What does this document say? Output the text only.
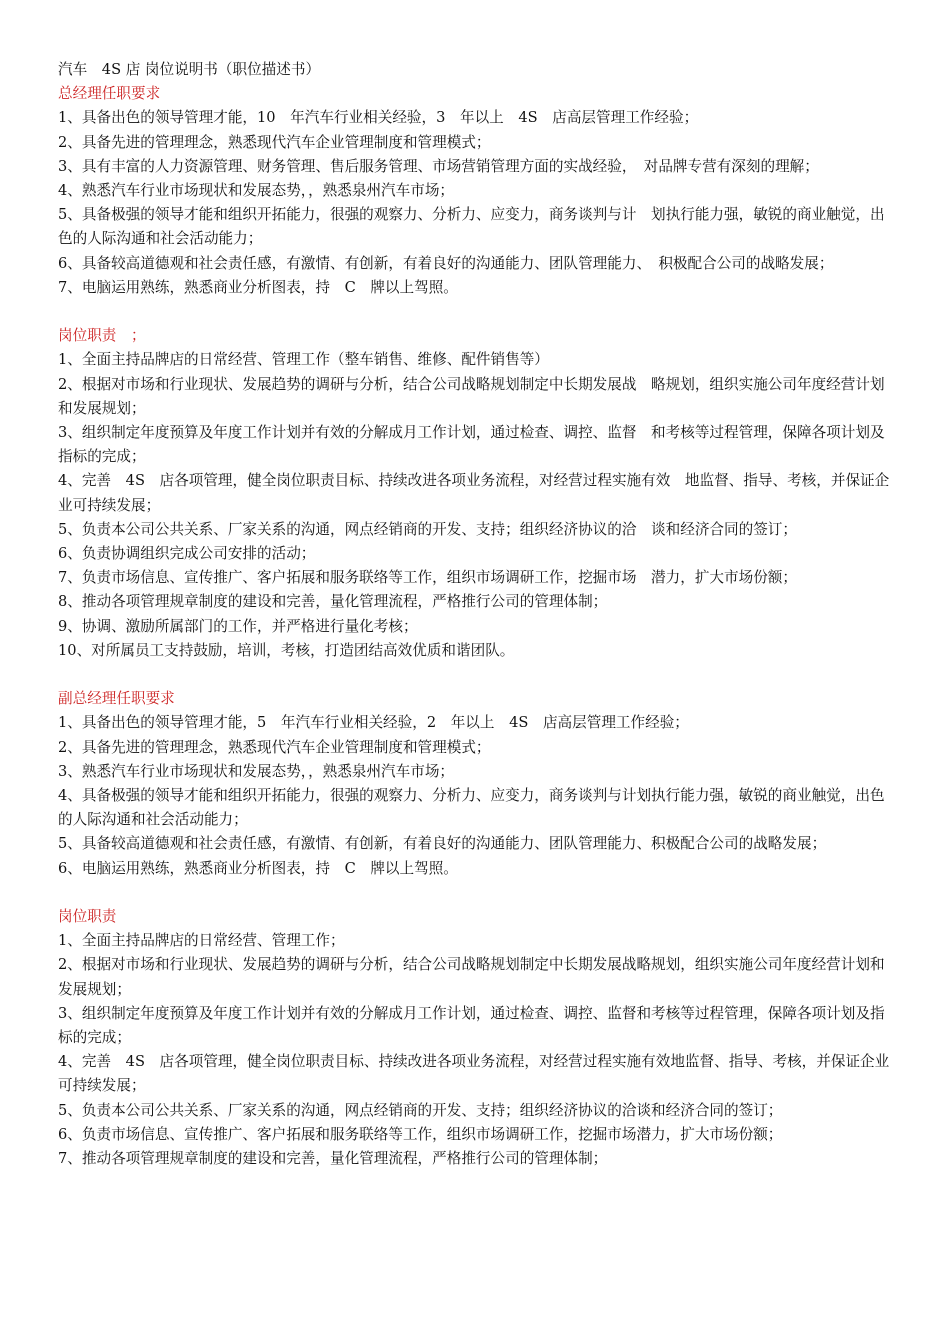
汽车　4S 店 岗位说明书（职位描述书）
总经理任职要求
1、具备出色的领导管理才能，10　年汽车行业相关经验，3　年以上　4S　店高层管理工作经验；
2、具备先进的管理理念，熟悉现代汽车企业管理制度和管理模式；
3、具有丰富的人力资源管理、财务管理、售后服务管理、市场营销管理方面的实战经验，　对品牌专营有深刻的理解；
4、熟悉汽车行业市场现状和发展态势，，熟悉泉州汽车市场；
5、具备极强的领导才能和组织开拓能力，很强的观察力、分析力、应变力，商务谈判与计　划执行能力强，敏锐的商业触觉，出色的人际沟通和社会活动能力；
6、具备较高道德观和社会责任感，有激情、有创新，有着良好的沟通能力、团队管理能力、　积极配合公司的战略发展；
7、电脑运用熟练，熟悉商业分析图表，持　C　牌以上驾照。
岗位职责　；
1、全面主持品牌店的日常经营、管理工作（整车销售、维修、配件销售等）
2、根据对市场和行业现状、发展趋势的调研与分析，结合公司战略规划制定中长期发展战　略规划，组织实施公司年度经营计划和发展规划；
3、组织制定年度预算及年度工作计划并有效的分解成月工作计划，通过检查、调控、监督　和考核等过程管理，保障各项计划及指标的完成；
4、完善　4S　店各项管理，健全岗位职责目标、持续改进各项业务流程，对经营过程实施有效　地监督、指导、考核，并保证企业可持续发展；
5、负责本公司公共关系、厂家关系的沟通，网点经销商的开发、支持；组织经济协议的洽　谈和经济合同的签订；
6、负责协调组织完成公司安排的活动；
7、负责市场信息、宣传推广、客户拓展和服务联络等工作，组织市场调研工作，挖掘市场　潜力，扩大市场份额；
8、推动各项管理规章制度的建设和完善，量化管理流程，严格推行公司的管理体制；
9、协调、激励所属部门的工作，并严格进行量化考核；
10、对所属员工支持鼓励，培训，考核，打造团结高效优质和谐团队。
副总经理任职要求
1、具备出色的领导管理才能，5　年汽车行业相关经验，2　年以上　4S　店高层管理工作经验；
2、具备先进的管理理念，熟悉现代汽车企业管理制度和管理模式；
3、熟悉汽车行业市场现状和发展态势，，熟悉泉州汽车市场；
4、具备极强的领导才能和组织开拓能力，很强的观察力、分析力、应变力，商务谈判与计划执行能力强，敏锐的商业触觉，出色的人际沟通和社会活动能力；
5、具备较高道德观和社会责任感，有激情、有创新，有着良好的沟通能力、团队管理能力、积极配合公司的战略发展；
6、电脑运用熟练，熟悉商业分析图表，持　C　牌以上驾照。
岗位职责
1、全面主持品牌店的日常经营、管理工作；
2、根据对市场和行业现状、发展趋势的调研与分析，结合公司战略规划制定中长期发展战略规划，组织实施公司年度经营计划和发展规划；
3、组织制定年度预算及年度工作计划并有效的分解成月工作计划，通过检查、调控、监督和考核等过程管理，保障各项计划及指标的完成；
4、完善　4S　店各项管理，健全岗位职责目标、持续改进各项业务流程，对经营过程实施有效地监督、指导、考核，并保证企业可持续发展；
5、负责本公司公共关系、厂家关系的沟通，网点经销商的开发、支持；组织经济协议的洽谈和经济合同的签订；
6、负责市场信息、宣传推广、客户拓展和服务联络等工作，组织市场调研工作，挖掘市场潜力，扩大市场份额；
7、推动各项管理规章制度的建设和完善，量化管理流程，严格推行公司的管理体制；
